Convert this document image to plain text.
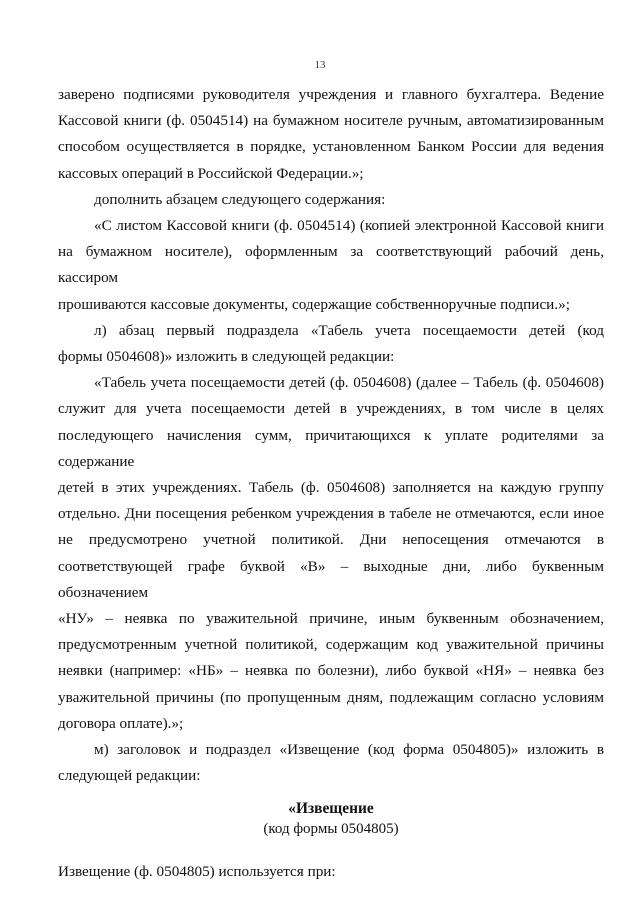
13
заверено подписями руководителя учреждения и главного бухгалтера. Ведение
Кассовой книги (ф. 0504514) на бумажном носителе ручным, автоматизированным
способом осуществляется в порядке, установленном Банком России для ведения
кассовых операций в Российской Федерации.»;
дополнить абзацем следующего содержания:
«С листом Кассовой книги (ф. 0504514) (копией электронной Кассовой книги
на бумажном носителе), оформленным за соответствующий рабочий день, кассиром
прошиваются кассовые документы, содержащие собственноручные подписи.»;
л) абзац первый подраздела «Табель учета посещаемости детей (код
формы 0504608)» изложить в следующей редакции:
«Табель учета посещаемости детей (ф. 0504608) (далее – Табель (ф. 0504608)
служит для учета посещаемости детей в учреждениях, в том числе в целях
последующего начисления сумм, причитающихся к уплате родителями за содержание
детей в этих учреждениях. Табель (ф. 0504608) заполняется на каждую группу
отдельно. Дни посещения ребенком учреждения в табеле не отмечаются, если иное
не предусмотрено учетной политикой. Дни непосещения отмечаются в
соответствующей графе буквой «В» – выходные дни, либо буквенным обозначением
«НУ» – неявка по уважительной причине, иным буквенным обозначением,
предусмотренным учетной политикой, содержащим код уважительной причины
неявки (например: «НБ» – неявка по болезни), либо буквой «НЯ» – неявка без
уважительной причины (по пропущенным дням, подлежащим согласно условиям
договора оплате).»;
м) заголовок и подраздел «Извещение (код форма 0504805)» изложить в
следующей редакции:
«Извещение
(код формы 0504805)
Извещение (ф. 0504805) используется при:
